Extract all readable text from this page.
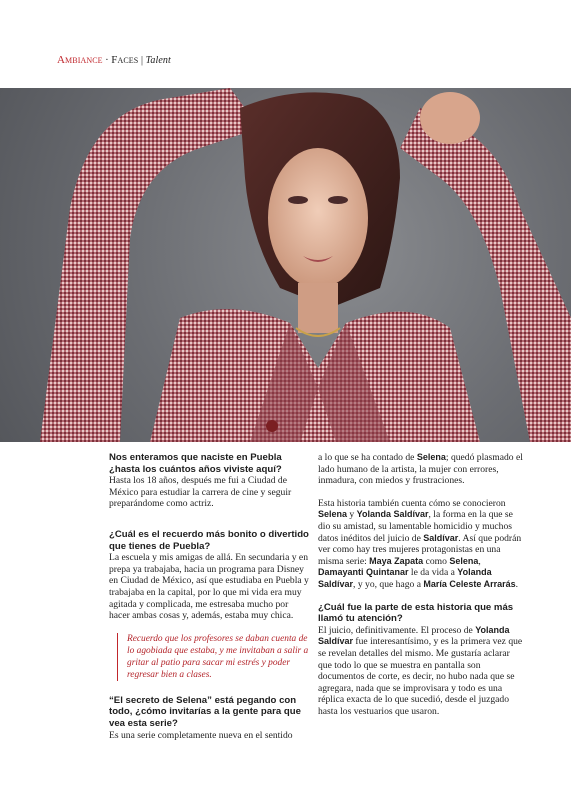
Ambiance · Faces | Talent
Nos enteramos que naciste en Puebla ¿hasta los cuántos años viviste aquí?

Hasta los 18 años, después me fui a Ciudad de México para estudiar la carrera de cine y seguir preparándome como actriz.

¿Cuál es el recuerdo más bonito o divertido que tienes de Puebla?

La escuela y mis amigas de allá. En secundaria y en prepa ya trabajaba, hacia un programa para Disney en Ciudad de México, así que estudiaba en Puebla y trabajaba en la capital, por lo que mi vida era muy agitada y complicada, me estresaba mucho por hacer ambas cosas y, además, estaba muy chica.

Recuerdo que los profesores se daban cuenta de lo agobiada que estaba, y me invitaban a salir a gritar al patio para sacar mi estrés y poder regresar bien a clases.
“El secreto de Selena” está pegando con todo, ¿cómo invitarías a la gente para que vea esta serie?

Es una serie completamente nueva en el sentido

a lo que se ha contado de Selena; quedó plasmado el lado humano de la artista, la mujer con errores, inmadura, con miedos y frustraciones.

Esta historia también cuenta cómo se conocieron Selena y Yolanda Saldívar, la forma en la que se dio su amistad, su lamentable homicidio y muchos datos inéditos del juicio de Saldívar. Así que podrán ver como hay tres mujeres protagonistas en una misma serie: Maya Zapata como Selena, Damayanti Quintanar le da vida a Yolanda Saldívar, y yo, que hago a María Celeste Arrarás.

¿Cuál fue la parte de esta historia que más llamó tu atención?

El juicio, definitivamente. El proceso de Yolanda Saldívar fue interesantísimo, y es la primera vez que se revelan detalles del mismo. Me gustaría aclarar que todo lo que se muestra en pantalla son documentos de corte, es decir, no hubo nada que se agregara, nada que se improvisara y todo es una réplica exacta de lo que sucedió, desde el juzgado hasta los vestuarios que usaron.
